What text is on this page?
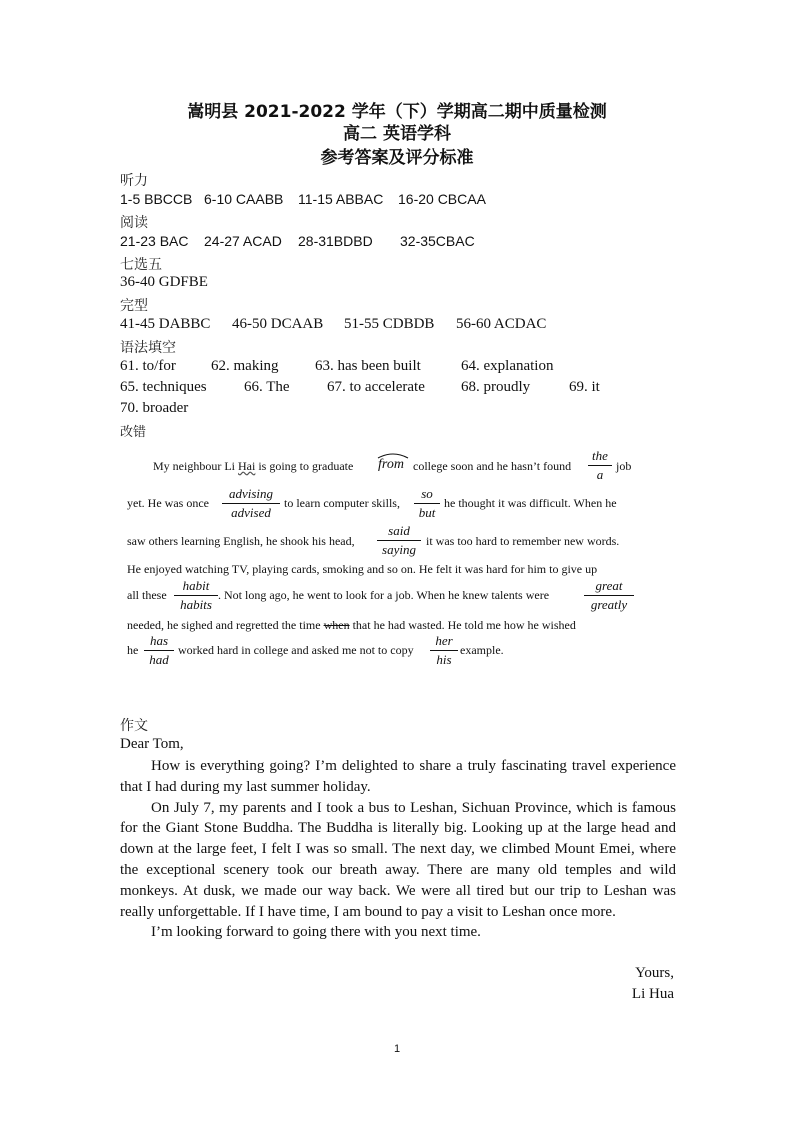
嵩明县 2021-2022 学年（下）学期高二期中质量检测
高二 英语学科
参考答案及评分标准
听力
1-5 BBCCB 6-10 CAABB 11-15 ABBAC 16-20 CBCAA
阅读
21-23 BAC 24-27 ACAD 28-31BDBD 32-35CBAC
七选五
36-40 GDFBE
完型
41-45 DABBC 46-50 DCAAB 51-55 CDBDB 56-60 ACDAC
语法填空
61. to/for 62. making 63. has been built	64. explanation
65. techniques 66. The 67. to accelerate 68. proudly	69. it
70. broader
改错
My neighbour Li Hai is going to graduate from college soon and he hasn’t found
the
a
job
yet. He was once
advising
advised
to learn computer skills,
so
but
he thought it was difficult. When he
saw others learning English, he shook his head,
said
saying
it was too hard to remember new words.
He enjoyed watching TV, playing cards, smoking and so on. He felt it was hard for him to give up
all these
habit
habits
. Not long ago, he went to look for a job. When he knew talents were
great
greatly
needed, he sighed and regretted the time when that he had wasted. He told me how he wished
he
has
had
worked hard in college and asked me not to copy
her
his
example.
作文
Dear Tom,

How is everything going? I’m delighted to share a truly fascinating travel experience that I had during my last summer holiday.

On July 7, my parents and I took a bus to Leshan, Sichuan Province, which is famous for the Giant Stone Buddha. The Buddha is literally big. Looking up at the large head and down at the large feet, I felt I was so small. The next day, we climbed Mount Emei, where the exceptional scenery took our breath away. There are many old temples and wild monkeys. At dusk, we made our way back. We were all tired but our trip to Leshan was really unforgettable. If I have time, I am bound to pay a visit to Leshan once more.

I’m looking forward to going there with you next time.

Yours,
Li Hua
1
